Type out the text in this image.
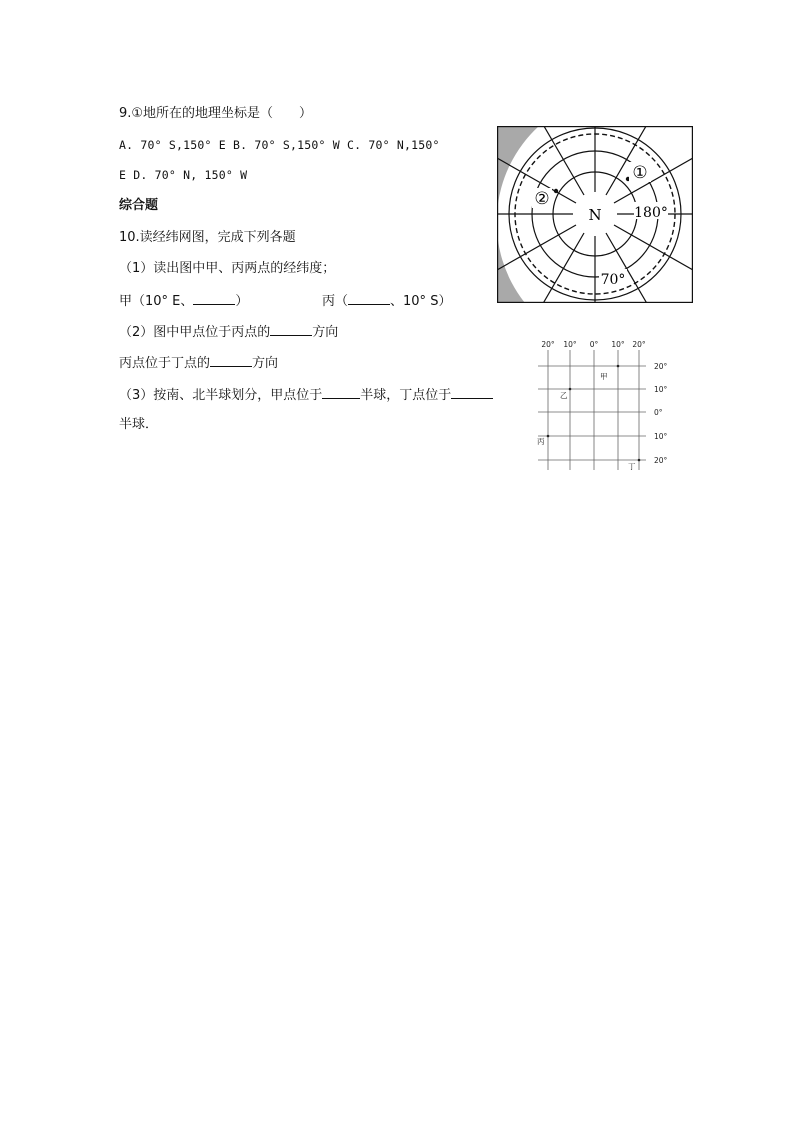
9.①地所在的地理坐标是（　　）
A. 70° S,150° E B. 70° S,150° W C. 70° N,150°
E D. 70° N, 150° W
综合题
10.读经纬网图，完成下列各题
（1）读出图中甲、丙两点的经纬度；
甲（10° E、	）	丙（	、10° S）
（2）图中甲点位于丙点的	方向
丙点位于丁点的	方向
（3）按南、北半球划分，甲点位于	半球，丁点位于
半球．
①
②
N 180°
70°
20° 10° 0° 10° 20°
20°
10°
0°
10°
20°
甲
乙
丙
丁
